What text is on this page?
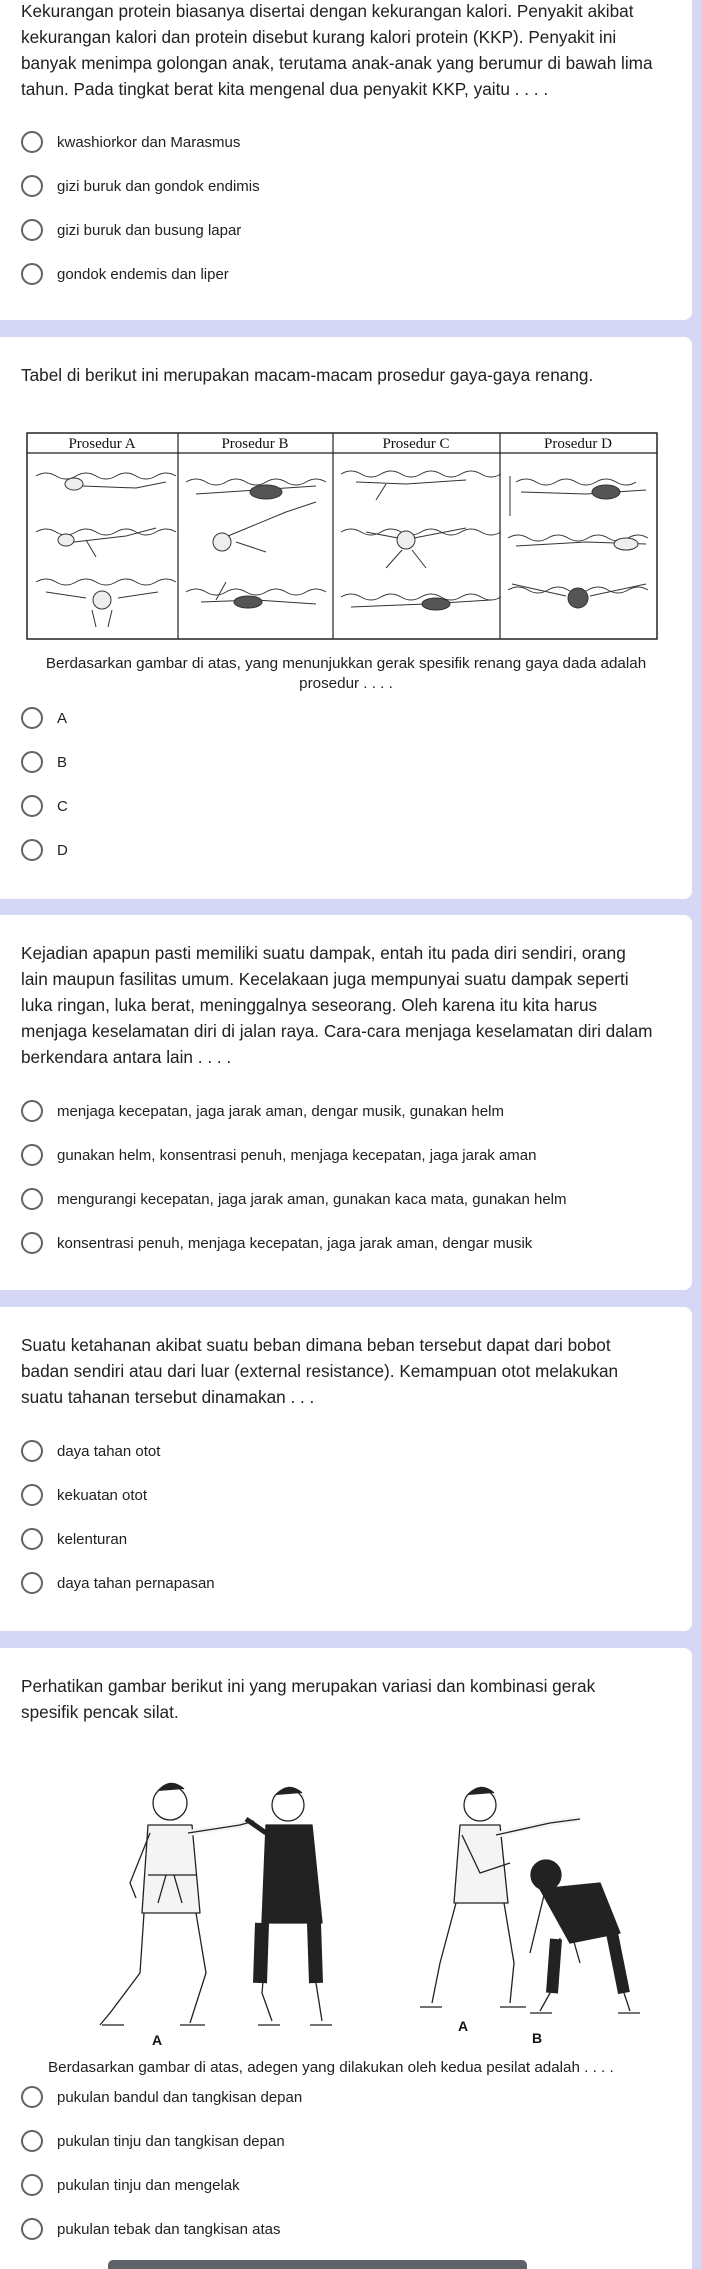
Kekurangan protein biasanya disertai dengan kekurangan kalori. Penyakit akibat
kekurangan kalori dan protein disebut kurang kalori protein (KKP). Penyakit ini
banyak menimpa golongan anak, terutama anak-anak yang berumur di bawah lima
tahun. Pada tingkat berat kita mengenal dua penyakit KKP, yaitu . . . .
kwashiorkor dan Marasmus
gizi buruk dan gondok endimis
gizi buruk dan busung lapar
gondok endemis dan liper
Tabel di berikut ini merupakan macam-macam prosedur gaya-gaya renang.
Prosedur A	Prosedur B	Prosedur C	Prosedur D
Berdasarkan gambar di atas, yang menunjukkan gerak spesifik renang gaya dada adalah
prosedur . . . .
A
B
C
D
Kejadian apapun pasti memiliki suatu dampak, entah itu pada diri sendiri, orang
lain maupun fasilitas umum. Kecelakaan juga mempunyai suatu dampak seperti
luka ringan, luka berat, meninggalnya seseorang. Oleh karena itu kita harus
menjaga keselamatan diri di jalan raya. Cara-cara menjaga keselamatan diri dalam
berkendara antara lain . . . .
menjaga kecepatan, jaga jarak aman, dengar musik, gunakan helm
gunakan helm, konsentrasi penuh, menjaga kecepatan, jaga jarak aman
mengurangi kecepatan, jaga jarak aman, gunakan kaca mata, gunakan helm
konsentrasi penuh, menjaga kecepatan, jaga jarak aman, dengar musik
Suatu ketahanan akibat suatu beban dimana beban tersebut dapat dari bobot
badan sendiri atau dari luar (external resistance). Kemampuan otot melakukan
suatu tahanan tersebut dinamakan . . .
daya tahan otot
kekuatan otot
kelenturan
daya tahan pernapasan
Perhatikan gambar berikut ini yang merupakan variasi dan kombinasi gerak
spesifik pencak silat.
A
A
B
Berdasarkan gambar di atas, adegen yang dilakukan oleh kedua pesilat adalah . . . .
pukulan bandul dan tangkisan depan
pukulan tinju dan tangkisan depan
pukulan tinju dan mengelak
pukulan tebak dan tangkisan atas
